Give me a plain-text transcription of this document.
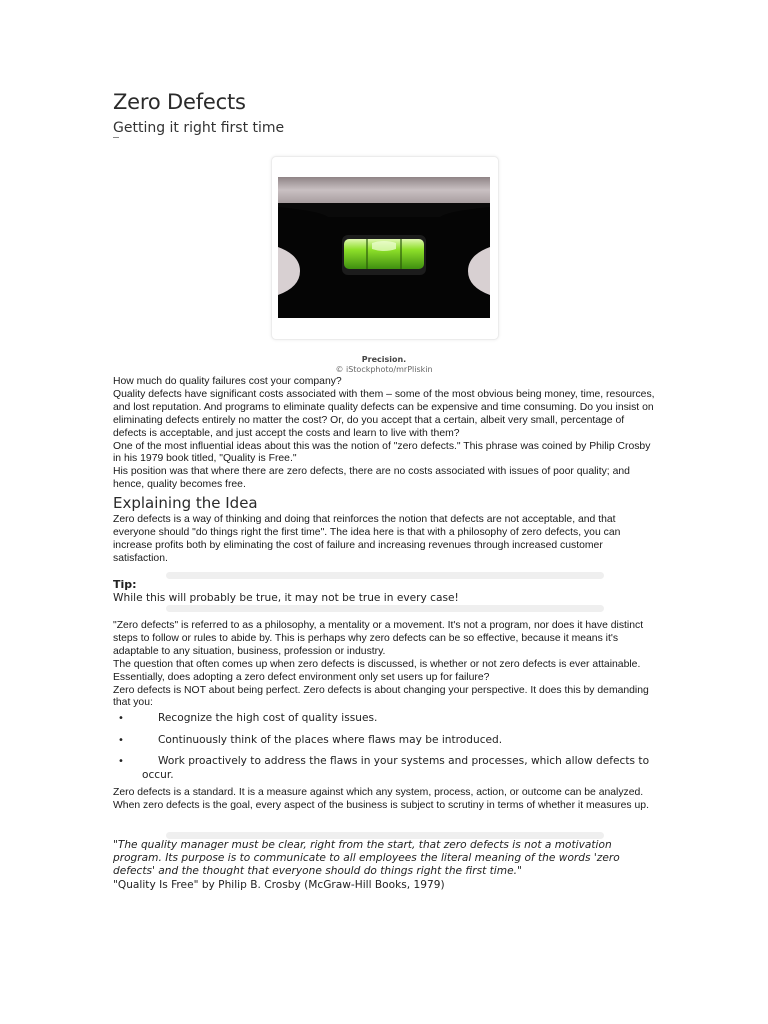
Zero Defects
Getting it right first time
Precision.
© iStockphoto/mrPliskin

How much do quality failures cost your company?

Quality defects have significant costs associated with them – some of the most obvious being money, time, resources, and lost reputation. And programs to eliminate quality defects can be expensive and time consuming. Do you insist on eliminating defects entirely no matter the cost? Or, do you accept that a certain, albeit very small, percentage of defects is acceptable, and just accept the costs and learn to live with them?

One of the most influential ideas about this was the notion of "zero defects." This phrase was coined by Philip Crosby in his 1979 book titled, "Quality is Free."

His position was that where there are zero defects, there are no costs associated with issues of poor quality; and hence, quality becomes free.

Explaining the Idea

Zero defects is a way of thinking and doing that reinforces the notion that defects are not acceptable, and that everyone should "do things right the first time". The idea here is that with a philosophy of zero defects, you can increase profits both by eliminating the cost of failure and increasing revenues through increased customer satisfaction.

Tip:
While this will probably be true, it may not be true in every case!

"Zero defects" is referred to as a philosophy, a mentality or a movement. It's not a program, nor does it have distinct steps to follow or rules to abide by. This is perhaps why zero defects can be so effective, because it means it's adaptable to any situation, business, profession or industry.

The question that often comes up when zero defects is discussed, is whether or not zero defects is ever attainable. Essentially, does adopting a zero defect environment only set users up for failure?

Zero defects is NOT about being perfect. Zero defects is about changing your perspective. It does this by demanding that you:

•	Recognize the high cost of quality issues.
•	Continuously think of the places where flaws may be introduced.
•	Work proactively to address the flaws in your systems and processes, which allow defects to occur.

Zero defects is a standard. It is a measure against which any system, process, action, or outcome can be analyzed. When zero defects is the goal, every aspect of the business is subject to scrutiny in terms of whether it measures up.

"The quality manager must be clear, right from the start, that zero defects is not a motivation program. Its purpose is to communicate to all employees the literal meaning of the words 'zero defects' and the thought that everyone should do things right the first time."
"Quality Is Free" by Philip B. Crosby (McGraw-Hill Books, 1979)
